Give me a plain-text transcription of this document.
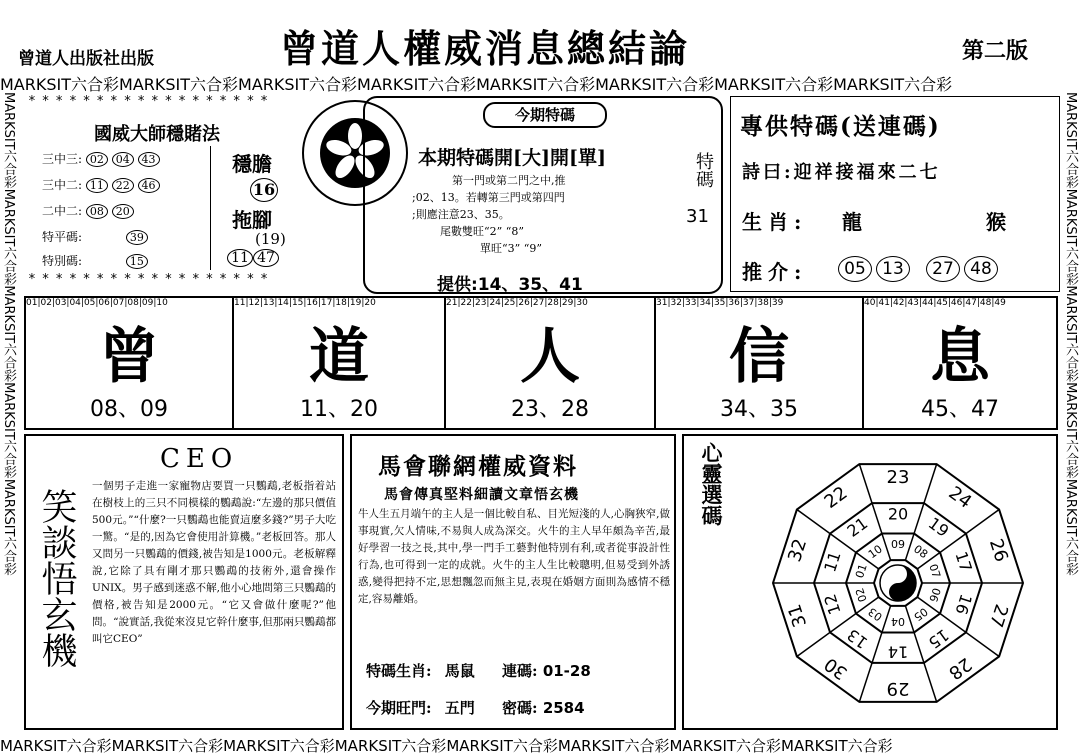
曾道人出版社出版	曾道人權威消息總結論	第二版
MARKSIT六合彩MARKSIT六合彩MARKSIT六合彩MARKSIT六合彩MARKSIT六合彩MARKSIT六合彩MARKSIT六合彩MARKSIT六合彩
MARKSIT六合彩MARKSIT六合彩MARKSIT六合彩MARKSIT六合彩MARKSIT六合彩MARKSIT六合彩MARKSIT六合彩MARKSIT六合彩
MARKSIT六合彩MARKSIT六合彩MARKSIT六合彩MARKSIT六合彩MARKSIT六合彩
MARKSIT六合彩MARKSIT六合彩MARKSIT六合彩MARKSIT六合彩MARKSIT六合彩
* * * * * * * * * * * * * * * * * *
* * * * * * * * * * * * * * * * * *
國威大師穩賭法
三中三: 02 04 43
三中二: 11 22 46
二中二: 08 20
特平碼:	39
特別碼:	15
穩膽
16
拖腳
(19)
11 47
今期特碼
本期特碼開[大]開[單]
第一門或第二門之中,推
;02、13。若轉第三門或第四門
;則應注意23、35。
尾數雙旺“2” “8”
單旺“3” “9”
提供:14、35、41
特碼
31
專供特碼(送連碼)
詩曰:迎祥接福來二七
生肖: 龍	猴
推介:	05 13 27 48
01|02|03|04|05|06|07|08|09|10
曾
08、09
11|12|13|14|15|16|17|18|19|20
道
11、20
21|22|23|24|25|26|27|28|29|30
人
23、28
31|32|33|34|35|36|37|38|39
信
34、35
40|41|42|43|44|45|46|47|48|49
息
45、47
笑談悟玄機
CEO
一個男子走進一家寵物店要買一只鸚鵡,老板指着站在樹枝上的三只不同模樣的鸚鵡說:“左邊的那只價值500元。”“什麼?一只鸚鵡也能賣這麼多錢?”男子大吃一驚。“是的,因為它會使用計算機。”老板回答。那人又問另一只鸚鵡的價錢,被告知是1000元。老板解釋說,它除了具有剛才那只鸚鵡的技術外,還會操作UNIX。男子感到迷惑不解,他小心地問第三只鸚鵡的價格,被告知是2000元。“它又會做什麼呢?”他問。“說實話,我從來沒見它幹什麼事,但那兩只鸚鵡都叫它CEO”
馬會聯網權威資料
馬會傳真堅料細讀文章悟玄機
牛人生五月端午的主人是一個比較自私、目光短淺的人,心胸狹窄,做事現實,欠人情味,不易與人成為深交。火牛的主人早年頗為辛苦,最好學習一技之長,其中,學一門手工藝對他特別有利,或者從事設計性行為,也可得到一定的成就。火牛的主人生比較聰明,但易受到外誘惑,變得把持不定,思想飄忽而無主見,表現在婚姻方面則為感情不穩定,容易離婚。
特碼生肖: 馬鼠 連碼: 01-28
今期旺門: 五門 密碼: 2584
心靈選碼	23
24
26
27
28
29
30
31
32
22
20 19
17
16
15
14
13
12
11
21
09 08
07
06
05
04
03
02
01
10
